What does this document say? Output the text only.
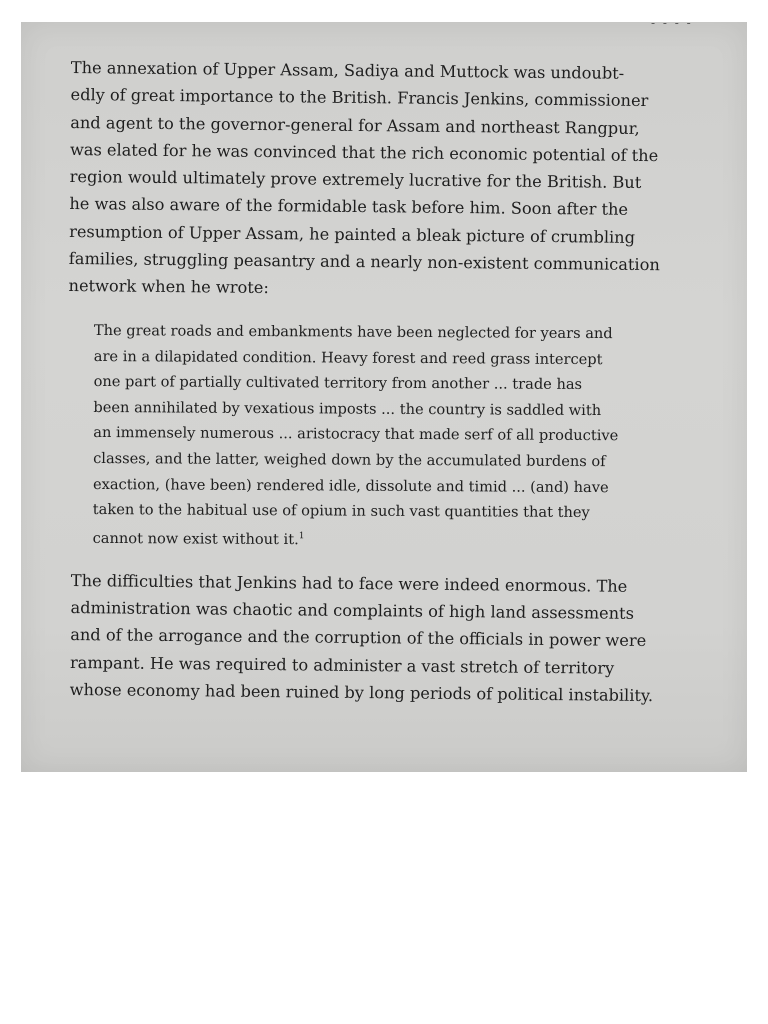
- - - -

The annexation of Upper Assam, Sadiya and Muttock was undoubt-
edly of great importance to the British. Francis Jenkins, commissioner
and agent to the governor-general for Assam and northeast Rangpur,
was elated for he was convinced that the rich economic potential of the
region would ultimately prove extremely lucrative for the British. But
he was also aware of the formidable task before him. Soon after the
resumption of Upper Assam, he painted a bleak picture of crumbling
families, struggling peasantry and a nearly non-existent communication
network when he wrote:

The great roads and embankments have been neglected for years and
are in a dilapidated condition. Heavy forest and reed grass intercept
one part of partially cultivated territory from another ... trade has
been annihilated by vexatious imposts ... the country is saddled with
an immensely numerous ... aristocracy that made serf of all productive
classes, and the latter, weighed down by the accumulated burdens of
exaction, (have been) rendered idle, dissolute and timid ... (and) have
taken to the habitual use of opium in such vast quantities that they
cannot now exist without it.$^1$

The difficulties that Jenkins had to face were indeed enormous. The
administration was chaotic and complaints of high land assessments
and of the arrogance and the corruption of the officials in power were
rampant. He was required to administer a vast stretch of territory
whose economy had been ruined by long periods of political instability.
